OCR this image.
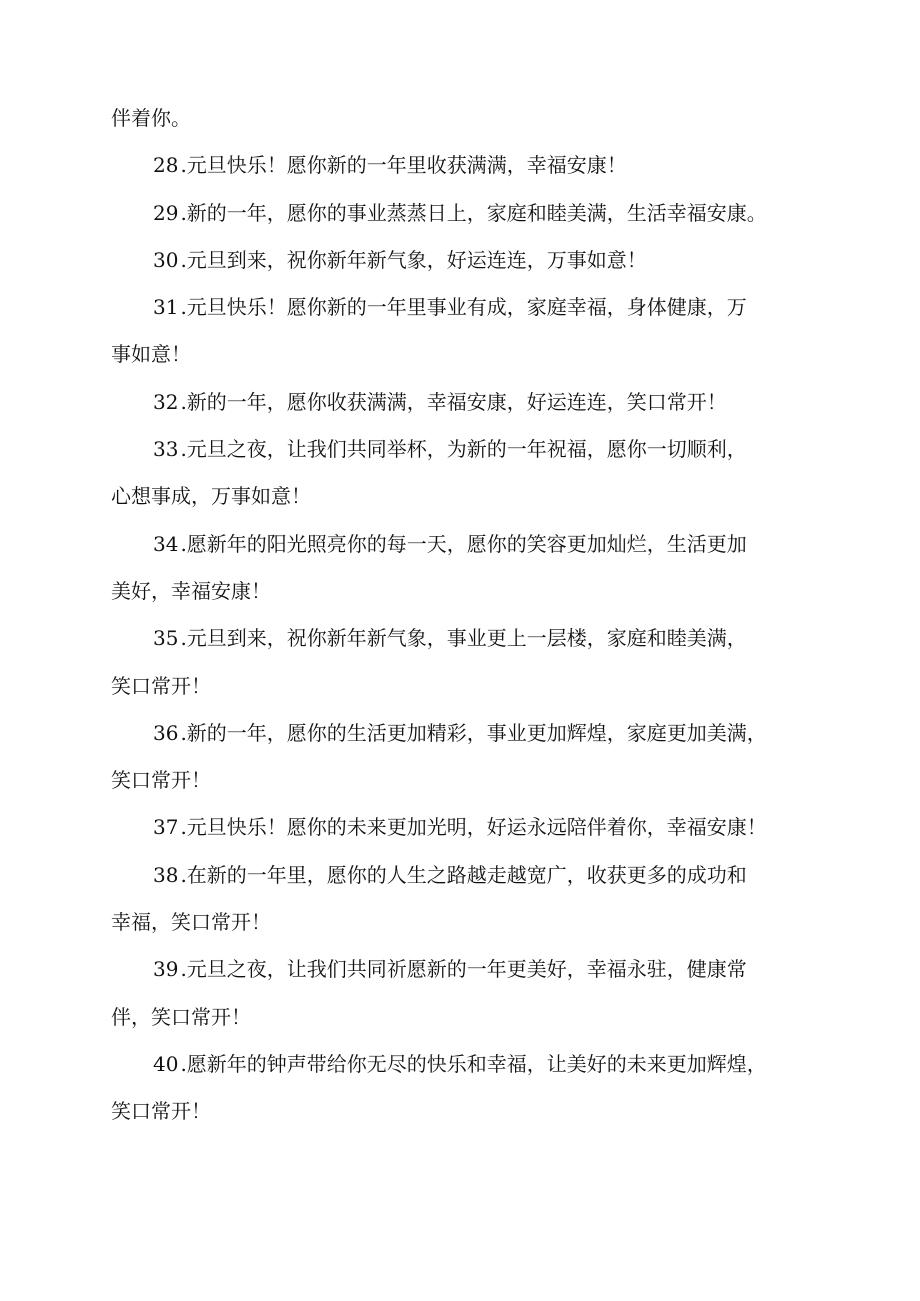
伴着你。
28 .元旦快乐！愿你新的一年里收获满满，幸福安康！
29 .新的一年，愿你的事业蒸蒸日上，家庭和睦美满，生活幸福安康。
30 .元旦到来，祝你新年新气象，好运连连，万事如意！
31 .元旦快乐！愿你新的一年里事业有成，家庭幸福，身体健康，万
事如意！
32 .新的一年，愿你收获满满，幸福安康，好运连连，笑口常开！
33 .元旦之夜，让我们共同举杯，为新的一年祝福，愿你一切顺利，
心想事成，万事如意！
34 .愿新年的阳光照亮你的每一天，愿你的笑容更加灿烂，生活更加
美好，幸福安康！
35 .元旦到来，祝你新年新气象，事业更上一层楼，家庭和睦美满，
笑口常开！
36 .新的一年，愿你的生活更加精彩，事业更加辉煌，家庭更加美满，
笑口常开！
37 .元旦快乐！愿你的未来更加光明，好运永远陪伴着你，幸福安康！
38 .在新的一年里，愿你的人生之路越走越宽广，收获更多的成功和
幸福，笑口常开！
39 .元旦之夜，让我们共同祈愿新的一年更美好，幸福永驻，健康常
伴，笑口常开！
40 .愿新年的钟声带给你无尽的快乐和幸福，让美好的未来更加辉煌，
笑口常开！
